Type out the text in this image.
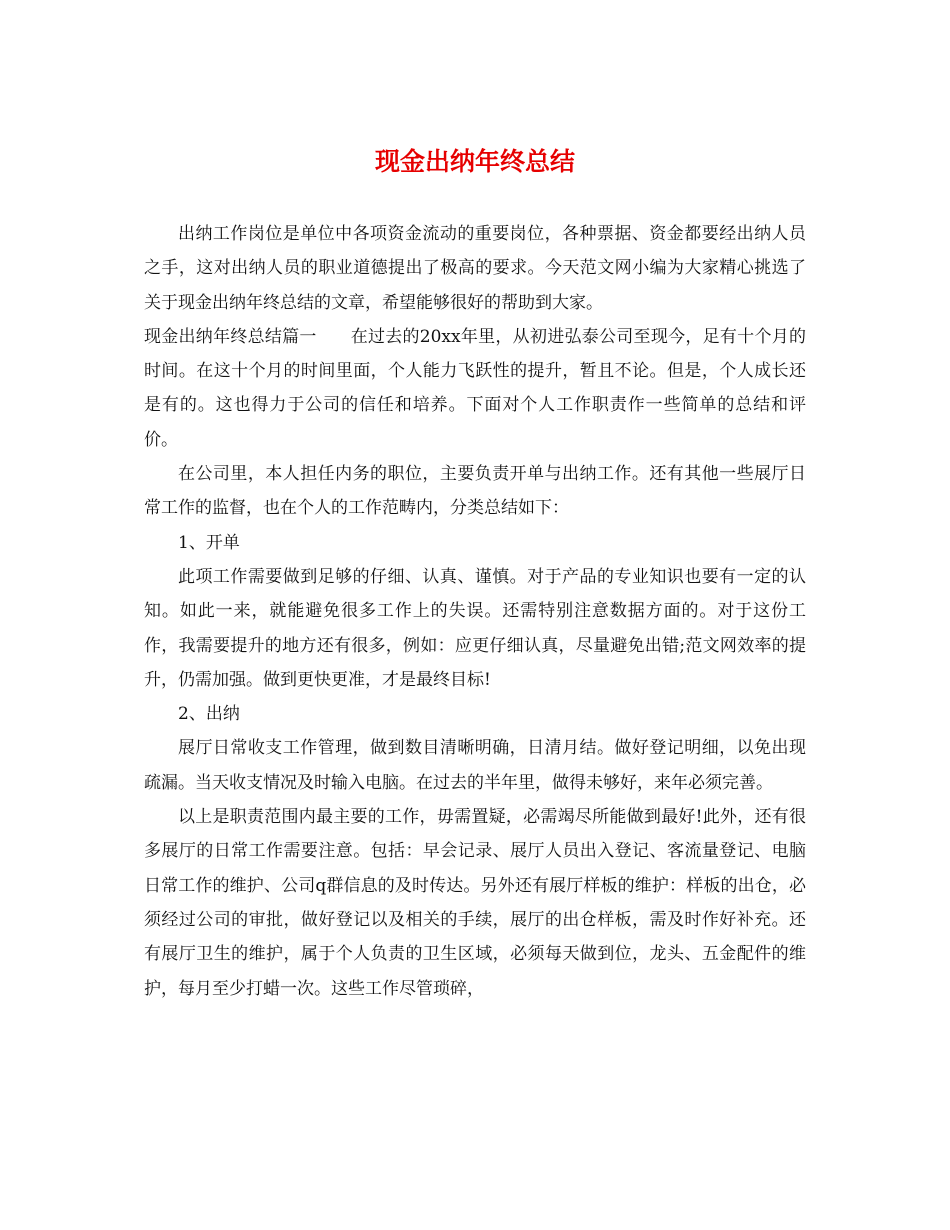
现金出纳年终总结

出纳工作岗位是单位中各项资金流动的重要岗位，各种票据、资金都要经出纳人员之手，这对出纳人员的职业道德提出了极高的要求。今天范文网小编为大家精心挑选了关于现金出纳年终总结的文章，希望能够很好的帮助到大家。

现金出纳年终总结篇一 在过去的20xx年里，从初进弘泰公司至现今，足有十个月的时间。在这十个月的时间里面，个人能力飞跃性的提升，暂且不论。但是，个人成长还是有的。这也得力于公司的信任和培养。下面对个人工作职责作一些简单的总结和评价。

在公司里，本人担任内务的职位，主要负责开单与出纳工作。还有其他一些展厅日常工作的监督，也在个人的工作范畴内，分类总结如下：

1、开单

此项工作需要做到足够的仔细、认真、谨慎。对于产品的专业知识也要有一定的认知。如此一来，就能避免很多工作上的失误。还需特别注意数据方面的。对于这份工作，我需要提升的地方还有很多，例如：应更仔细认真，尽量避免出错;范文网效率的提升，仍需加强。做到更快更准，才是最终目标!

2、出纳

展厅日常收支工作管理，做到数目清晰明确，日清月结。做好登记明细，以免出现疏漏。当天收支情况及时输入电脑。在过去的半年里，做得未够好，来年必须完善。

以上是职责范围内最主要的工作，毋需置疑，必需竭尽所能做到最好!此外，还有很多展厅的日常工作需要注意。包括：早会记录、展厅人员出入登记、客流量登记、电脑日常工作的维护、公司q群信息的及时传达。另外还有展厅样板的维护：样板的出仓，必须经过公司的审批，做好登记以及相关的手续，展厅的出仓样板，需及时作好补充。还有展厅卫生的维护，属于个人负责的卫生区域，必须每天做到位，龙头、五金配件的维护，每月至少打蜡一次。这些工作尽管琐碎，
